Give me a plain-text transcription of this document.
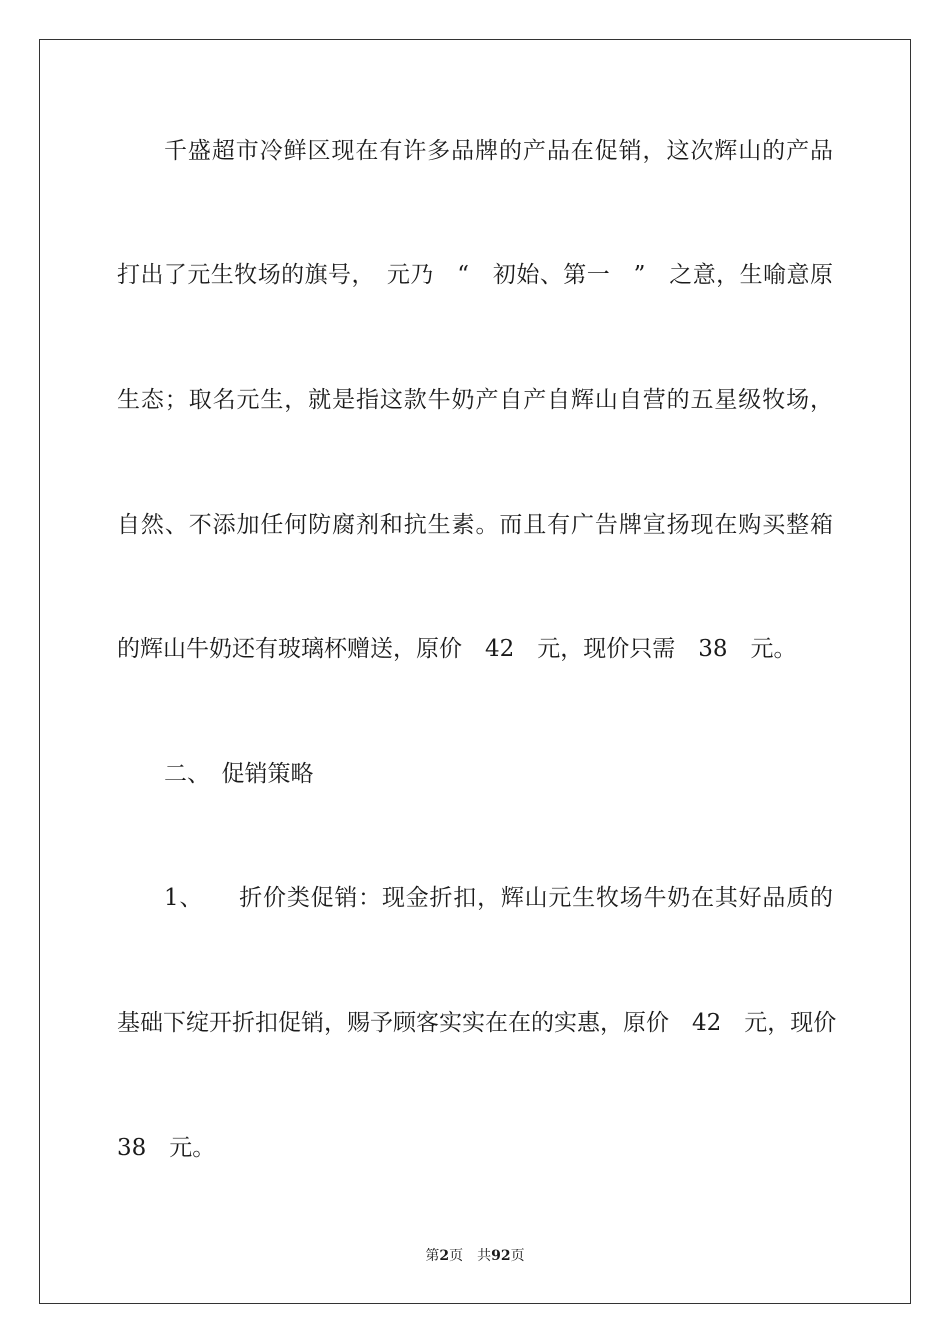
千盛超市冷鲜区现在有许多品牌的产品在促销，这次辉山的产品
打出了元生牧场的旗号，　元乃　“　初始、第一　”　之意，生喻意原
生态；取名元生，就是指这款牛奶产自产自辉山自营的五星级牧场，
自然、不添加任何防腐剂和抗生素。而且有广告牌宣扬现在购买整箱
的辉山牛奶还有玻璃杯赠送，原价　42　元，现价只需　38　元。
二、　促销策略
1、　　折价类促销：现金折扣，辉山元生牧场牛奶在其好品质的
基础下绽开折扣促销，赐予顾客实实在在的实惠，原价　42　元，现价
38　元。
第2页 共92页
